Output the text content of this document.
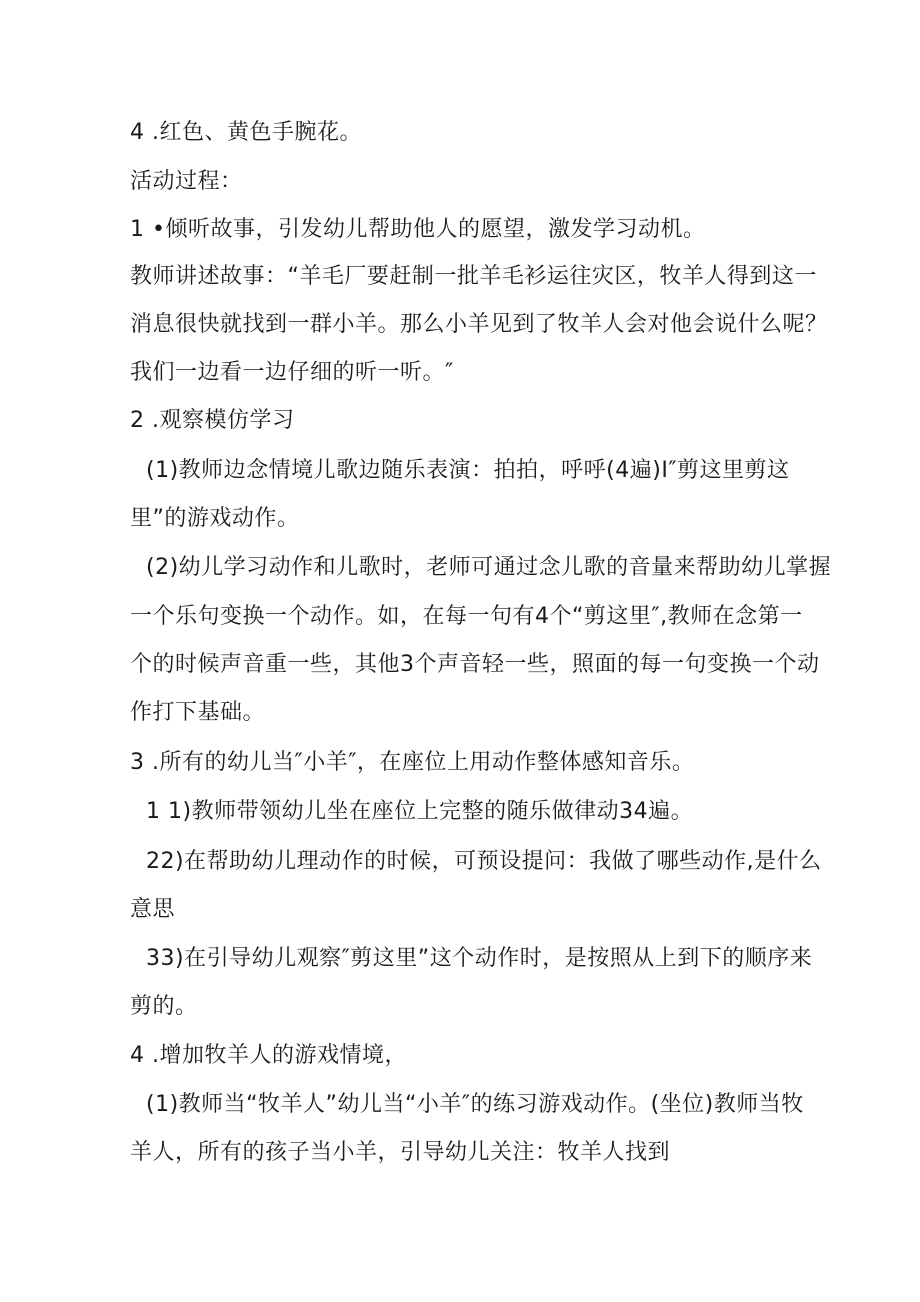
4 .红色、黄色手腕花。
活动过程：
1 •倾听故事，引发幼儿帮助他人的愿望，激发学习动机。
教师讲述故事：“羊毛厂要赶制一批羊毛衫运往灾区，牧羊人得到这一
消息很快就找到一群小羊。那么小羊见到了牧羊人会对他会说什么呢？
我们一边看一边仔细的听一听。″
2 .观察模仿学习
(1)教师边念情境儿歌边随乐表演：拍拍，呼呼(4遍)I″剪这里剪这
里”的游戏动作。
(2)幼儿学习动作和儿歌时，老师可通过念儿歌的音量来帮助幼儿掌握
一个乐句变换一个动作。如，在每一句有4个“剪这里″,教师在念第一
个的时候声音重一些，其他3个声音轻一些，照面的每一句变换一个动
作打下基础。
3 .所有的幼儿当″小羊″，在座位上用动作整体感知音乐。
1 1)教师带领幼儿坐在座位上完整的随乐做律动34遍。
22)在帮助幼儿理动作的时候，可预设提问：我做了哪些动作,是什么
意思
33)在引导幼儿观察″剪这里”这个动作时，是按照从上到下的顺序来
剪的。
4 .增加牧羊人的游戏情境，
(1)教师当“牧羊人”幼儿当“小羊″的练习游戏动作。(坐位)教师当牧
羊人，所有的孩子当小羊，引导幼儿关注：牧羊人找到
